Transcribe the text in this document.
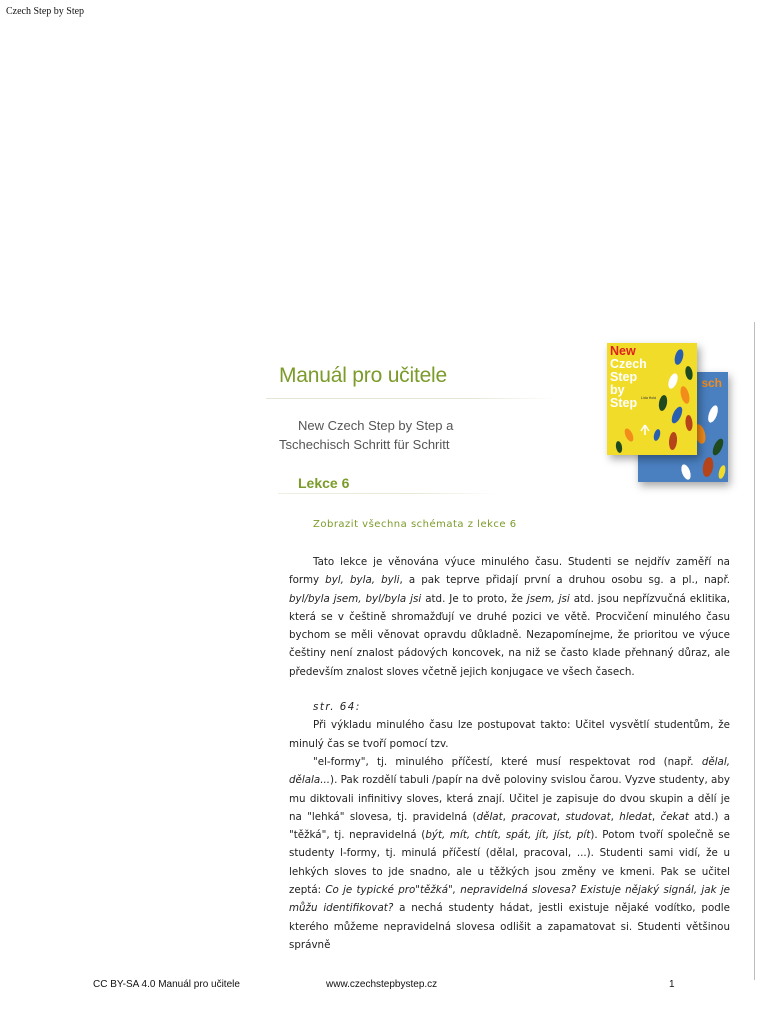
Czech Step by Step
Manuál pro učitele
New Czech Step by Step a
Tschechisch Schritt für Schritt
Lekce 6
Zobrazit všechna schémata z lekce 6
sch
New
Czech
Step
by
Step	Lída Holá

Tato lekce je věnována výuce minulého času. Studenti se nejdřív zaměří na formy byl, byla, byli, a pak teprve přidají první a druhou osobu sg. a pl., např. byl/byla jsem, byl/byla jsi atd. Je to proto, že jsem, jsi atd. jsou nepřízvučná eklitika, která se v češtině shromažďují ve druhé pozici ve větě. Procvičení minulého času bychom se měli věnovat opravdu důkladně. Nezapomínejme, že prioritou ve výuce češtiny není znalost pádových koncovek, na niž se často klade přehnaný důraz, ale především znalost sloves včetně jejich konjugace ve všech časech.

str. 64:

Při výkladu minulého času lze postupovat takto: Učitel vysvětlí studentům, že minulý čas se tvoří pomocí tzv.

"el-formy", tj. minulého příčestí, které musí respektovat rod (např. dělal, dělala...). Pak rozdělí tabuli /papír na dvě poloviny svislou čarou. Vyzve studenty, aby mu diktovali infinitivy sloves, která znají. Učitel je zapisuje do dvou skupin a dělí je na "lehká" slovesa, tj. pravidelná (dělat, pracovat, studovat, hledat, čekat atd.) a "těžká", tj. nepravidelná (být, mít, chtít, spát, jít, jíst, pít). Potom tvoří společně se studenty l-formy, tj. minulá příčestí (dělal, pracoval, ...). Studenti sami vidí, že u lehkých sloves to jde snadno, ale u těžkých jsou změny ve kmeni. Pak se učitel zeptá: Co je typické pro"těžká", nepravidelná slovesa? Existuje nějaký signál, jak je můžu identifikovat? a nechá studenty hádat, jestli existuje nějaké vodítko, podle kterého můžeme nepravidelná slovesa odlišit a zapamatovat si. Studenti většinou správně

CC BY-SA 4.0 Manuál pro učitele	www.czechstepbystep.cz	1
